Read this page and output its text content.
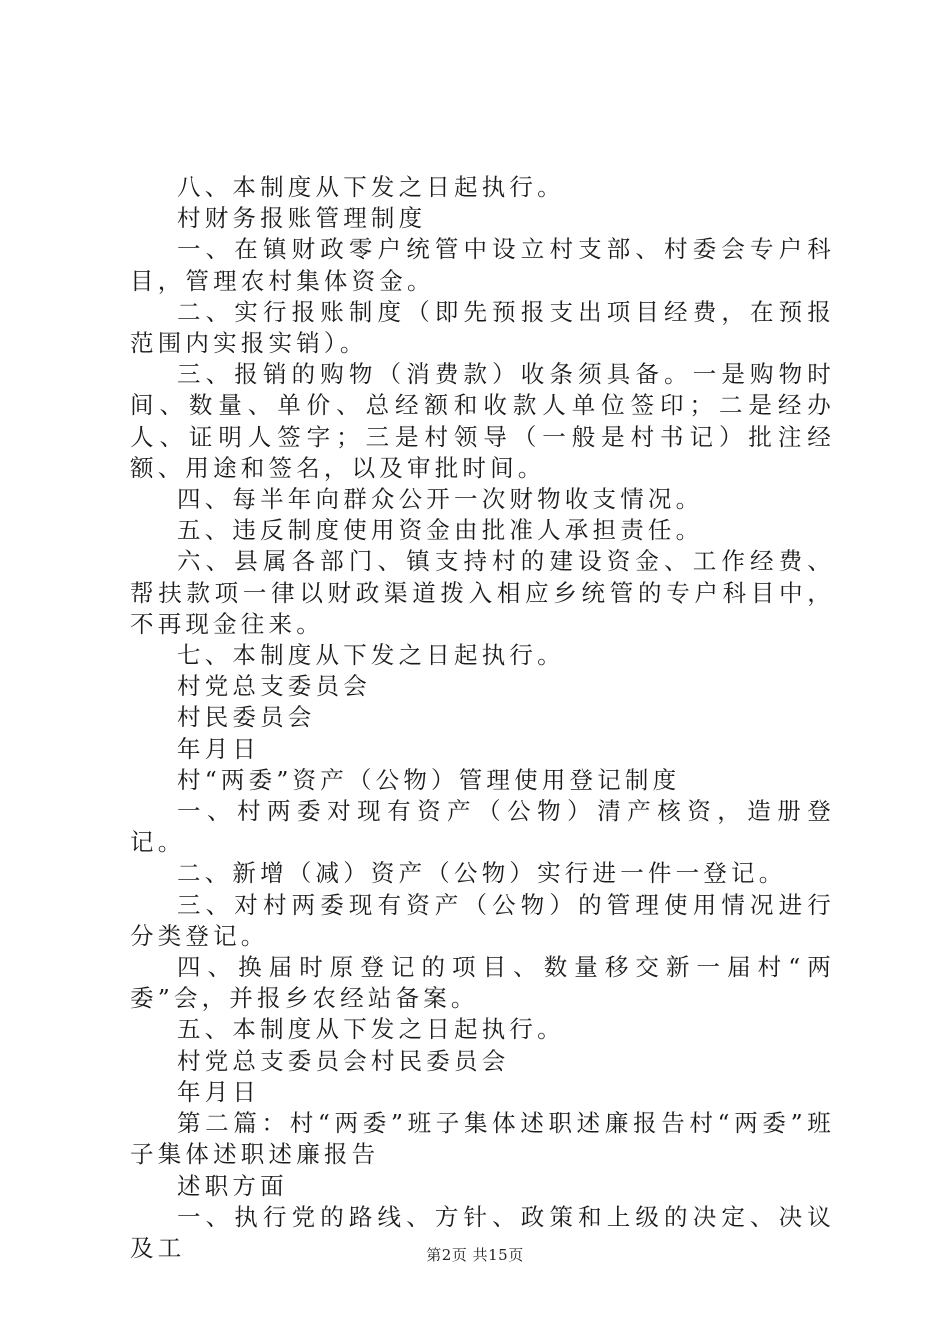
八、本制度从下发之日起执行。

村财务报账管理制度

一、在镇财政零户统管中设立村支部、村委会专户科目，管理农村集体资金。

二、实行报账制度（即先预报支出项目经费，在预报范围内实报实销）。

三、报销的购物（消费款）收条须具备。一是购物时间、数量、单价、总经额和收款人单位签印；二是经办人、证明人签字；三是村领导（一般是村书记）批注经额、用途和签名，以及审批时间。

四、每半年向群众公开一次财物收支情况。

五、违反制度使用资金由批准人承担责任。

六、县属各部门、镇支持村的建设资金、工作经费、帮扶款项一律以财政渠道拨入相应乡统管的专户科目中，不再现金往来。

七、本制度从下发之日起执行。

村党总支委员会

村民委员会

年月日

村“两委”资产（公物）管理使用登记制度

一、村两委对现有资产（公物）清产核资，造册登记。

二、新增（减）资产（公物）实行进一件一登记。

三、对村两委现有资产（公物）的管理使用情况进行分类登记。

四、换届时原登记的项目、数量移交新一届村“两委”会，并报乡农经站备案。

五、本制度从下发之日起执行。

村党总支委员会村民委员会

年月日

第二篇：村“两委”班子集体述职述廉报告村“两委”班子集体述职述廉报告

述职方面

一、执行党的路线、方针、政策和上级的决定、决议及工	第2页 共15页
